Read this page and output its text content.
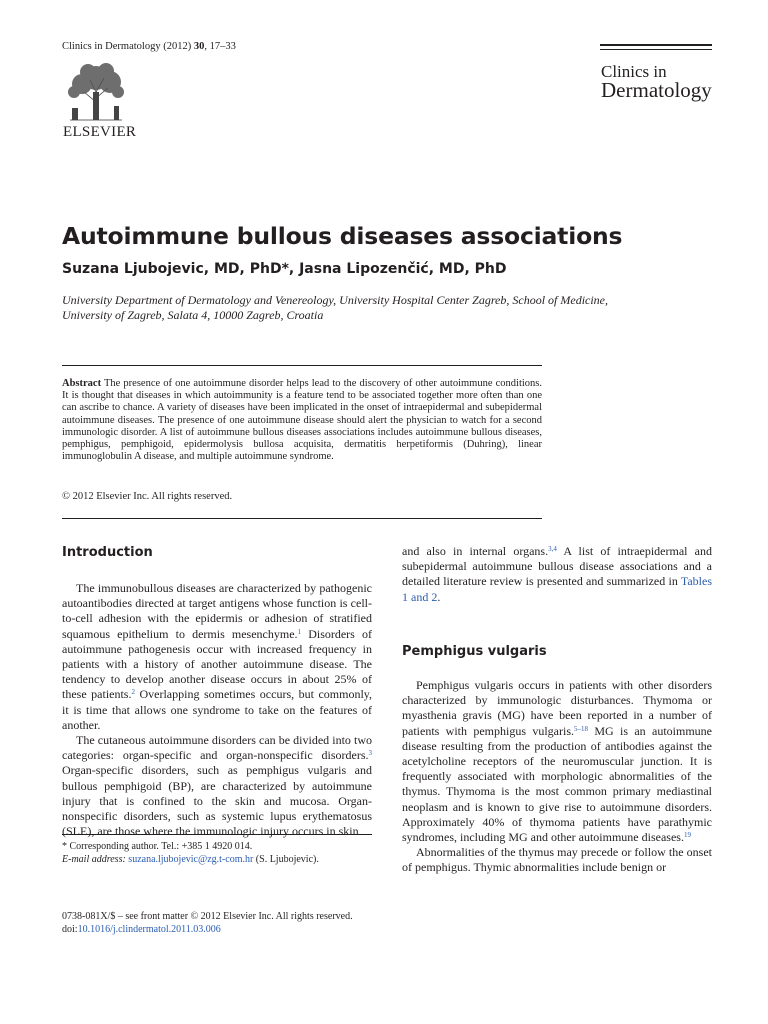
Clinics in Dermatology (2012) 30, 17–33
ELSEVIER
Clinics in
Dermatology
Autoimmune bullous diseases associations
Suzana Ljubojevic, MD, PhD*, Jasna Lipozenčić, MD, PhD
University Department of Dermatology and Venereology, University Hospital Center Zagreb, School of Medicine,
University of Zagreb, Salata 4, 10000 Zagreb, Croatia
Abstract The presence of one autoimmune disorder helps lead to the discovery of other autoimmune conditions. It is thought that diseases in which autoimmunity is a feature tend to be associated together more often than one can ascribe to chance. A variety of diseases have been implicated in the onset of intraepidermal and subepidermal autoimmune diseases. The presence of one autoimmune disease should alert the physician to watch for a second immunologic disorder. A list of autoimmune bullous diseases associations includes autoimmune bullous diseases, pemphigus, pemphigoid, epidermolysis bullosa acquisita, dermatitis herpetiformis (Duhring), linear immunoglobulin A disease, and multiple autoimmune syndrome.
© 2012 Elsevier Inc. All rights reserved.
Introduction

The immunobullous diseases are characterized by pathogenic autoantibodies directed at target antigens whose function is cell-to-cell adhesion with the epidermis or adhesion of stratified squamous epithelium to dermis mesenchyme.$^1$ Disorders of autoimmune pathogenesis occur with increased frequency in patients with a history of another autoimmune disease. The tendency to develop another disease occurs in about 25% of these patients.$^2$ Overlapping sometimes occurs, but commonly, it is time that allows one syndrome to take on the features of another.

The cutaneous autoimmune disorders can be divided into two categories: organ-specific and organ-nonspecific disorders.$^3$ Organ-specific disorders, such as pemphigus vulgaris and bullous pemphigoid (BP), are characterized by autoimmune injury that is confined to the skin and mucosa. Organ-nonspecific disorders, such as systemic lupus erythematosus (SLE), are those where the immunologic injury occurs in skin

and also in internal organs.$^{3,4}$ A list of intraepidermal and subepidermal autoimmune bullous disease associations and a detailed literature review is presented and summarized in Tables 1 and 2.

Pemphigus vulgaris

Pemphigus vulgaris occurs in patients with other disorders characterized by immunologic disturbances. Thymoma or myasthenia gravis (MG) have been reported in a number of patients with pemphigus vulgaris.$^{5-18}$ MG is an autoimmune disease resulting from the production of antibodies against the acetylcholine receptors of the neuromuscular junction. It is frequently associated with morphologic abnormalities of the thymus. Thymoma is the most common primary mediastinal neoplasm and is known to give rise to autoimmune disorders. Approximately 40% of thymoma patients have parathymic syndromes, including MG and other autoimmune diseases.$^{19}$

Abnormalities of the thymus may precede or follow the onset of pemphigus. Thymic abnormalities include benign or

* Corresponding author. Tel.: +385 1 4920 014.
E-mail address: suzana.ljubojevic@zg.t-com.hr (S. Ljubojevic).
0738-081X/$ – see front matter © 2012 Elsevier Inc. All rights reserved.
doi:10.1016/j.clindermatol.2011.03.006
